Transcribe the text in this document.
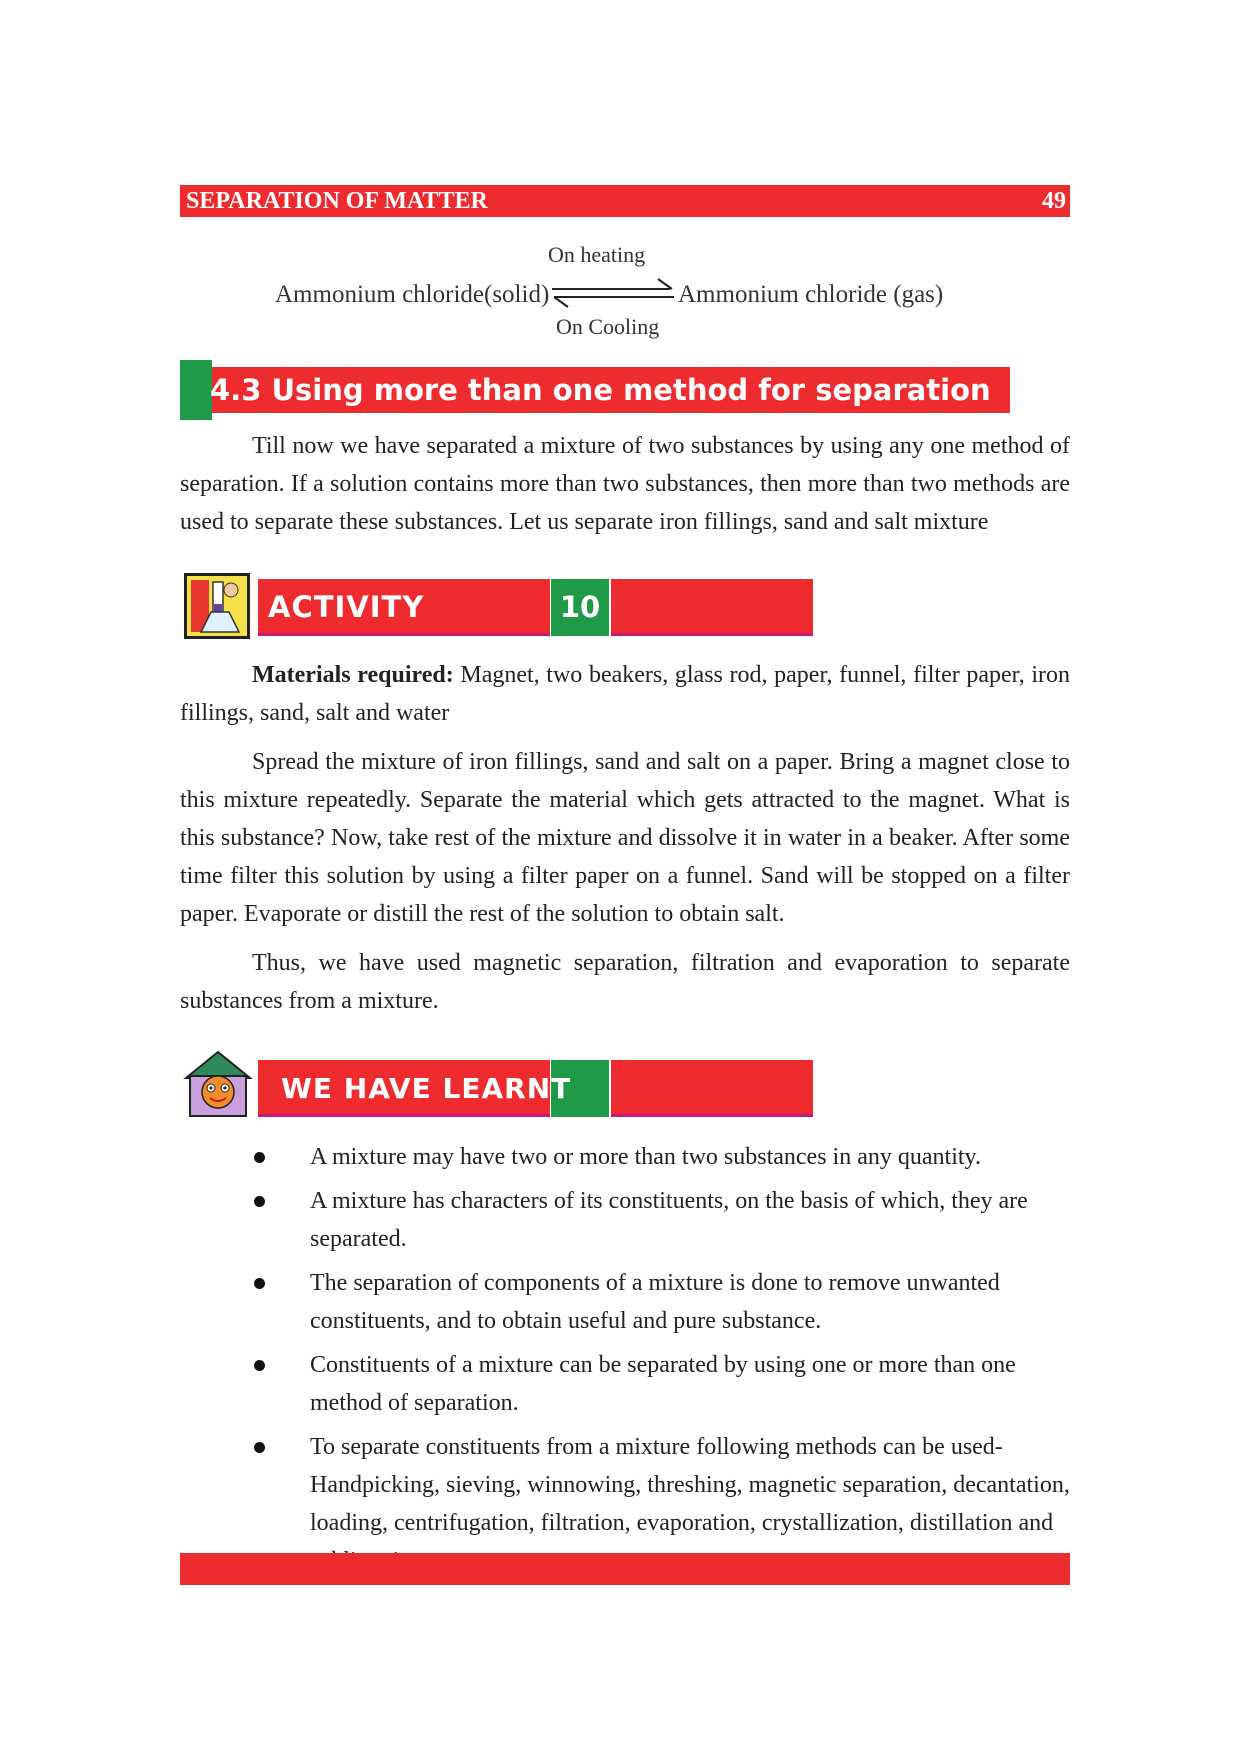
SEPARATION OF MATTER	49
On heating
Ammonium chloride(solid)	Ammonium chloride (gas)
On Cooling
4.3 Using more than one method for separation

Till now we have separated a mixture of two substances by using any one method of separation. If a solution contains more than two substances, then more than two methods are used to separate these substances. Let us separate iron fillings, sand and salt mixture

ACTIVITY	10

Materials required: Magnet, two beakers, glass rod, paper, funnel, filter paper, iron fillings, sand, salt and water

Spread the mixture of iron fillings, sand and salt on a paper. Bring a magnet close to this mixture repeatedly. Separate the material which gets attracted to the magnet. What is this substance? Now, take rest of the mixture and dissolve it in water in a beaker. After some time filter this solution by using a filter paper on a funnel. Sand will be stopped on a filter paper. Evaporate or distill the rest of the solution to obtain salt.

Thus, we have used magnetic separation, filtration and evaporation to separate substances from a mixture.

WE HAVE LEARNT
A mixture may have two or more than two substances in any quantity.
A mixture has characters of its constituents, on the basis of which, they are separated.
The separation of components of a mixture is done to remove unwanted constituents, and to obtain useful and pure substance.
Constituents of a mixture can be separated by using one or more than one method of separation.
To separate constituents from a mixture following methods can be used- Handpicking, sieving, winnowing, threshing, magnetic separation, decantation, loading, centrifugation, filtration, evaporation, crystallization, distillation and
